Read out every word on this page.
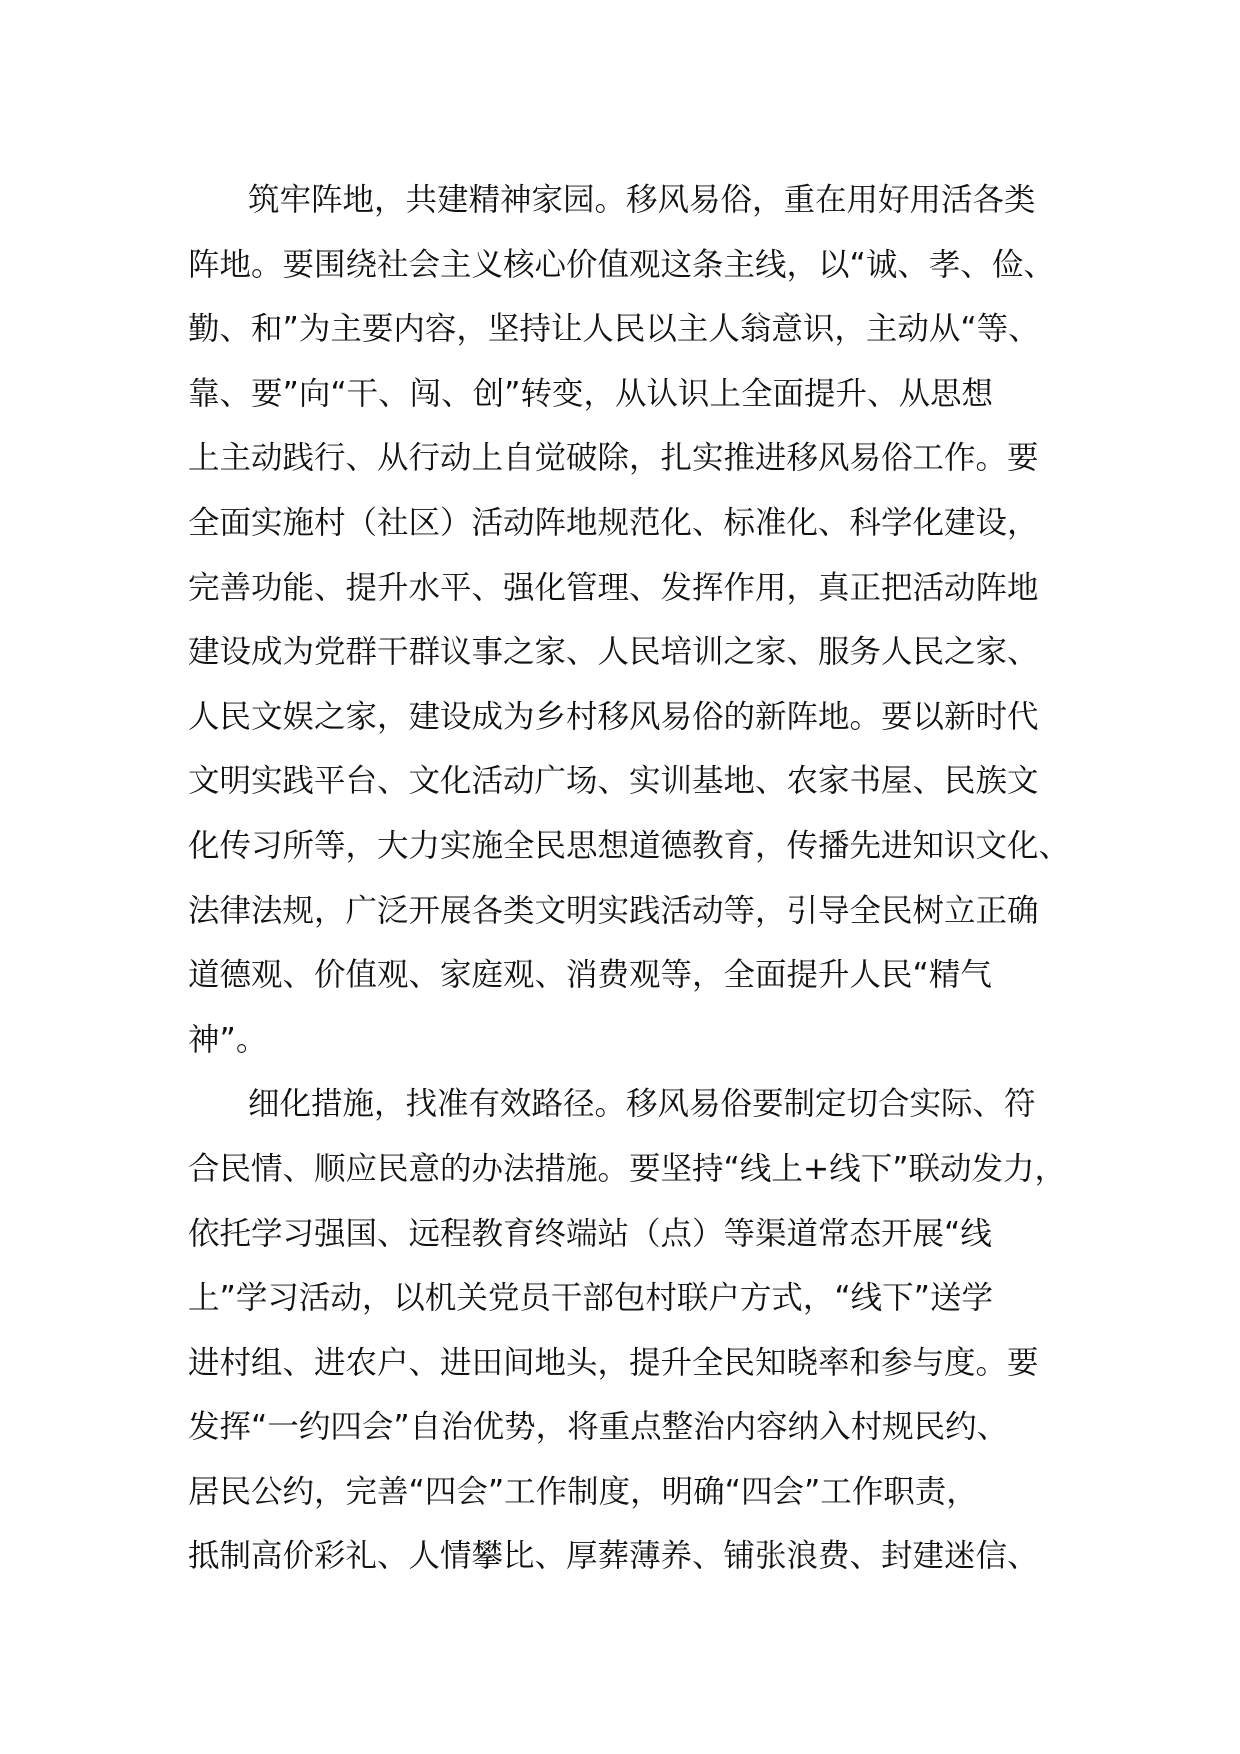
筑牢阵地，共建精神家园。移风易俗，重在用好用活各类
阵地。要围绕社会主义核心价值观这条主线，以“诚、孝、俭、
勤、和”为主要内容，坚持让人民以主人翁意识，主动从“等、
靠、要”向“干、闯、创”转变，从认识上全面提升、从思想
上主动践行、从行动上自觉破除，扎实推进移风易俗工作。要
全面实施村（社区）活动阵地规范化、标准化、科学化建设，
完善功能、提升水平、强化管理、发挥作用，真正把活动阵地
建设成为党群干群议事之家、人民培训之家、服务人民之家、
人民文娱之家，建设成为乡村移风易俗的新阵地。要以新时代
文明实践平台、文化活动广场、实训基地、农家书屋、民族文
化传习所等，大力实施全民思想道德教育，传播先进知识文化、
法律法规，广泛开展各类文明实践活动等，引导全民树立正确
道德观、价值观、家庭观、消费观等，全面提升人民“精气
神”。
细化措施，找准有效路径。移风易俗要制定切合实际、符
合民情、顺应民意的办法措施。要坚持“线上+线下”联动发力，
依托学习强国、远程教育终端站（点）等渠道常态开展“线
上”学习活动，以机关党员干部包村联户方式，“线下”送学
进村组、进农户、进田间地头，提升全民知晓率和参与度。要
发挥“一约四会”自治优势，将重点整治内容纳入村规民约、
居民公约，完善“四会”工作制度，明确“四会”工作职责，
抵制高价彩礼、人情攀比、厚葬薄养、铺张浪费、封建迷信、
